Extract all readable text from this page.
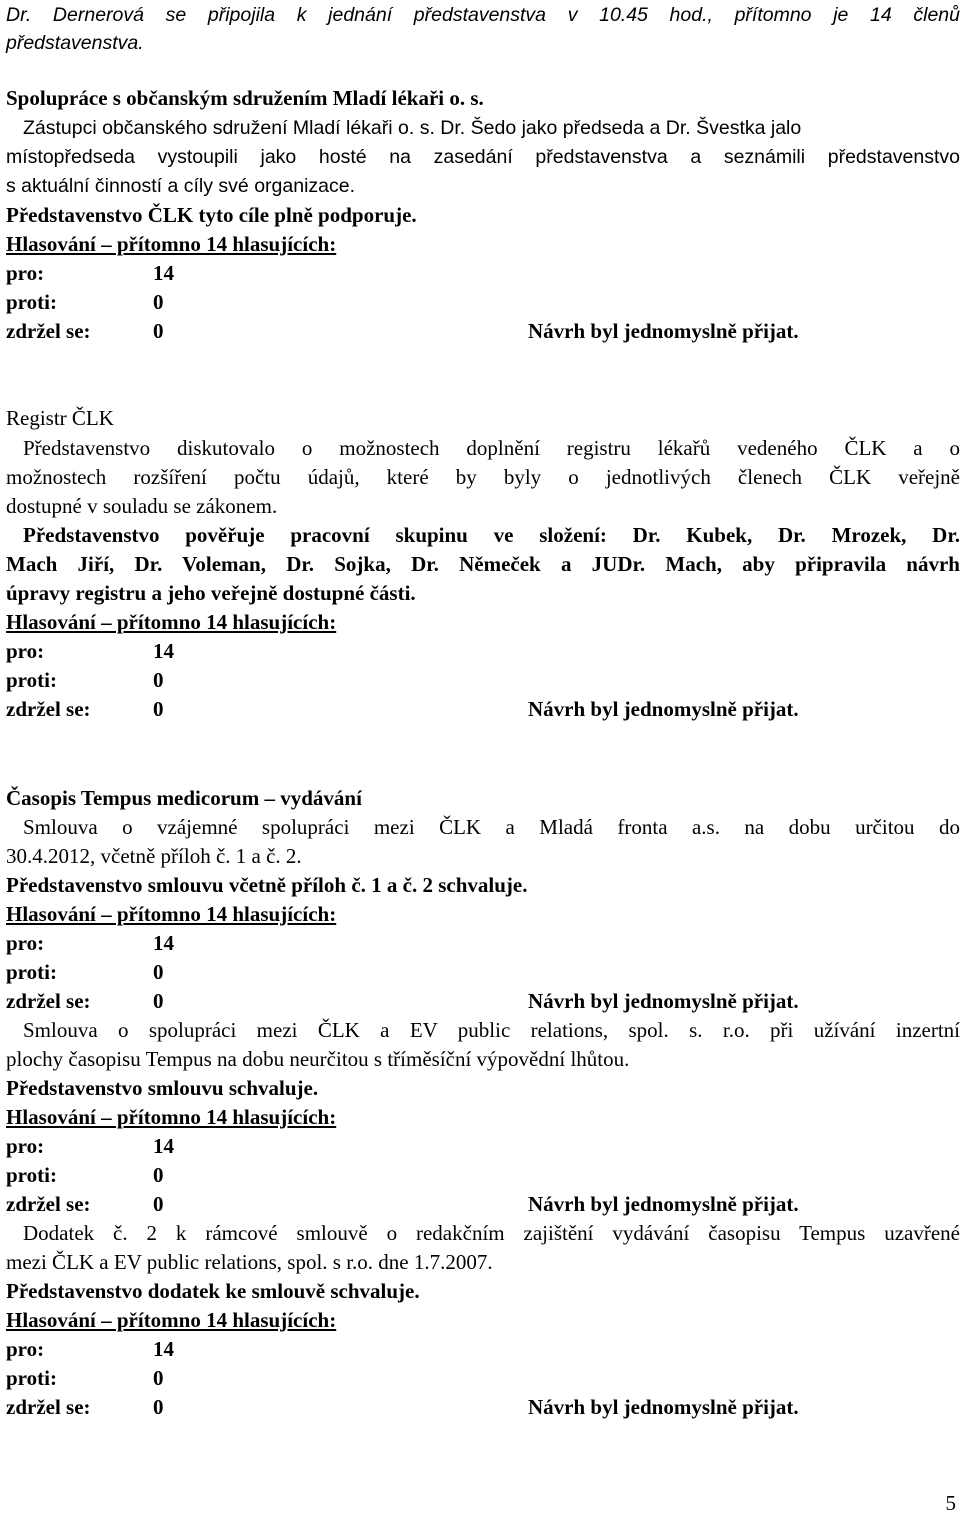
Dr. Dernerová se připojila k jednání představenstva v 10.45 hod., přítomno je 14 členů
představenstva.
Spolupráce s občanským sdružením Mladí lékaři o. s.
Zástupci občanského sdružení Mladí lékaři o. s. Dr. Šedo jako předseda a Dr. Švestka jalo
místopředseda vystoupili jako hosté na zasedání představenstva a seznámili představenstvo
s aktuální činností a cíly své organizace.
Představenstvo ČLK tyto cíle plně podporuje.
Hlasování – přítomno 14 hlasujících:
pro:	14
proti:	0
zdržel se:	0	Návrh byl jednomyslně přijat.
Registr ČLK
Představenstvo diskutovalo o možnostech doplnění registru lékařů vedeného ČLK a o
možnostech rozšíření počtu údajů, které by byly o jednotlivých členech ČLK veřejně
dostupné v souladu se zákonem.
Představenstvo pověřuje pracovní skupinu ve složení: Dr. Kubek, Dr. Mrozek, Dr.
Mach Jiří, Dr. Voleman, Dr. Sojka, Dr. Němeček a JUDr. Mach, aby připravila návrh
úpravy registru a jeho veřejně dostupné části.
Hlasování – přítomno 14 hlasujících:
pro:	14
proti:	0
zdržel se:	0	Návrh byl jednomyslně přijat.
Časopis Tempus medicorum – vydávání
Smlouva o vzájemné spolupráci mezi ČLK a Mladá fronta a.s. na dobu určitou do
30.4.2012, včetně příloh č. 1 a č. 2.
Představenstvo smlouvu včetně příloh č. 1 a č. 2 schvaluje.
Hlasování – přítomno 14 hlasujících:
pro:	14
proti:	0
zdržel se:	0	Návrh byl jednomyslně přijat.
Smlouva o spolupráci mezi ČLK a EV public relations, spol. s. r.o. při užívání inzertní
plochy časopisu Tempus na dobu neurčitou s tříměsíční výpovědní lhůtou.
Představenstvo smlouvu schvaluje.
Hlasování – přítomno 14 hlasujících:
pro:	14
proti:	0
zdržel se:	0	Návrh byl jednomyslně přijat.
Dodatek č. 2 k rámcové smlouvě o redakčním zajištění vydávání časopisu Tempus uzavřené
mezi ČLK a EV public relations, spol. s r.o. dne 1.7.2007.
Představenstvo dodatek ke smlouvě schvaluje.
Hlasování – přítomno 14 hlasujících:
pro:	14
proti:	0
zdržel se:	0	Návrh byl jednomyslně přijat.
5
